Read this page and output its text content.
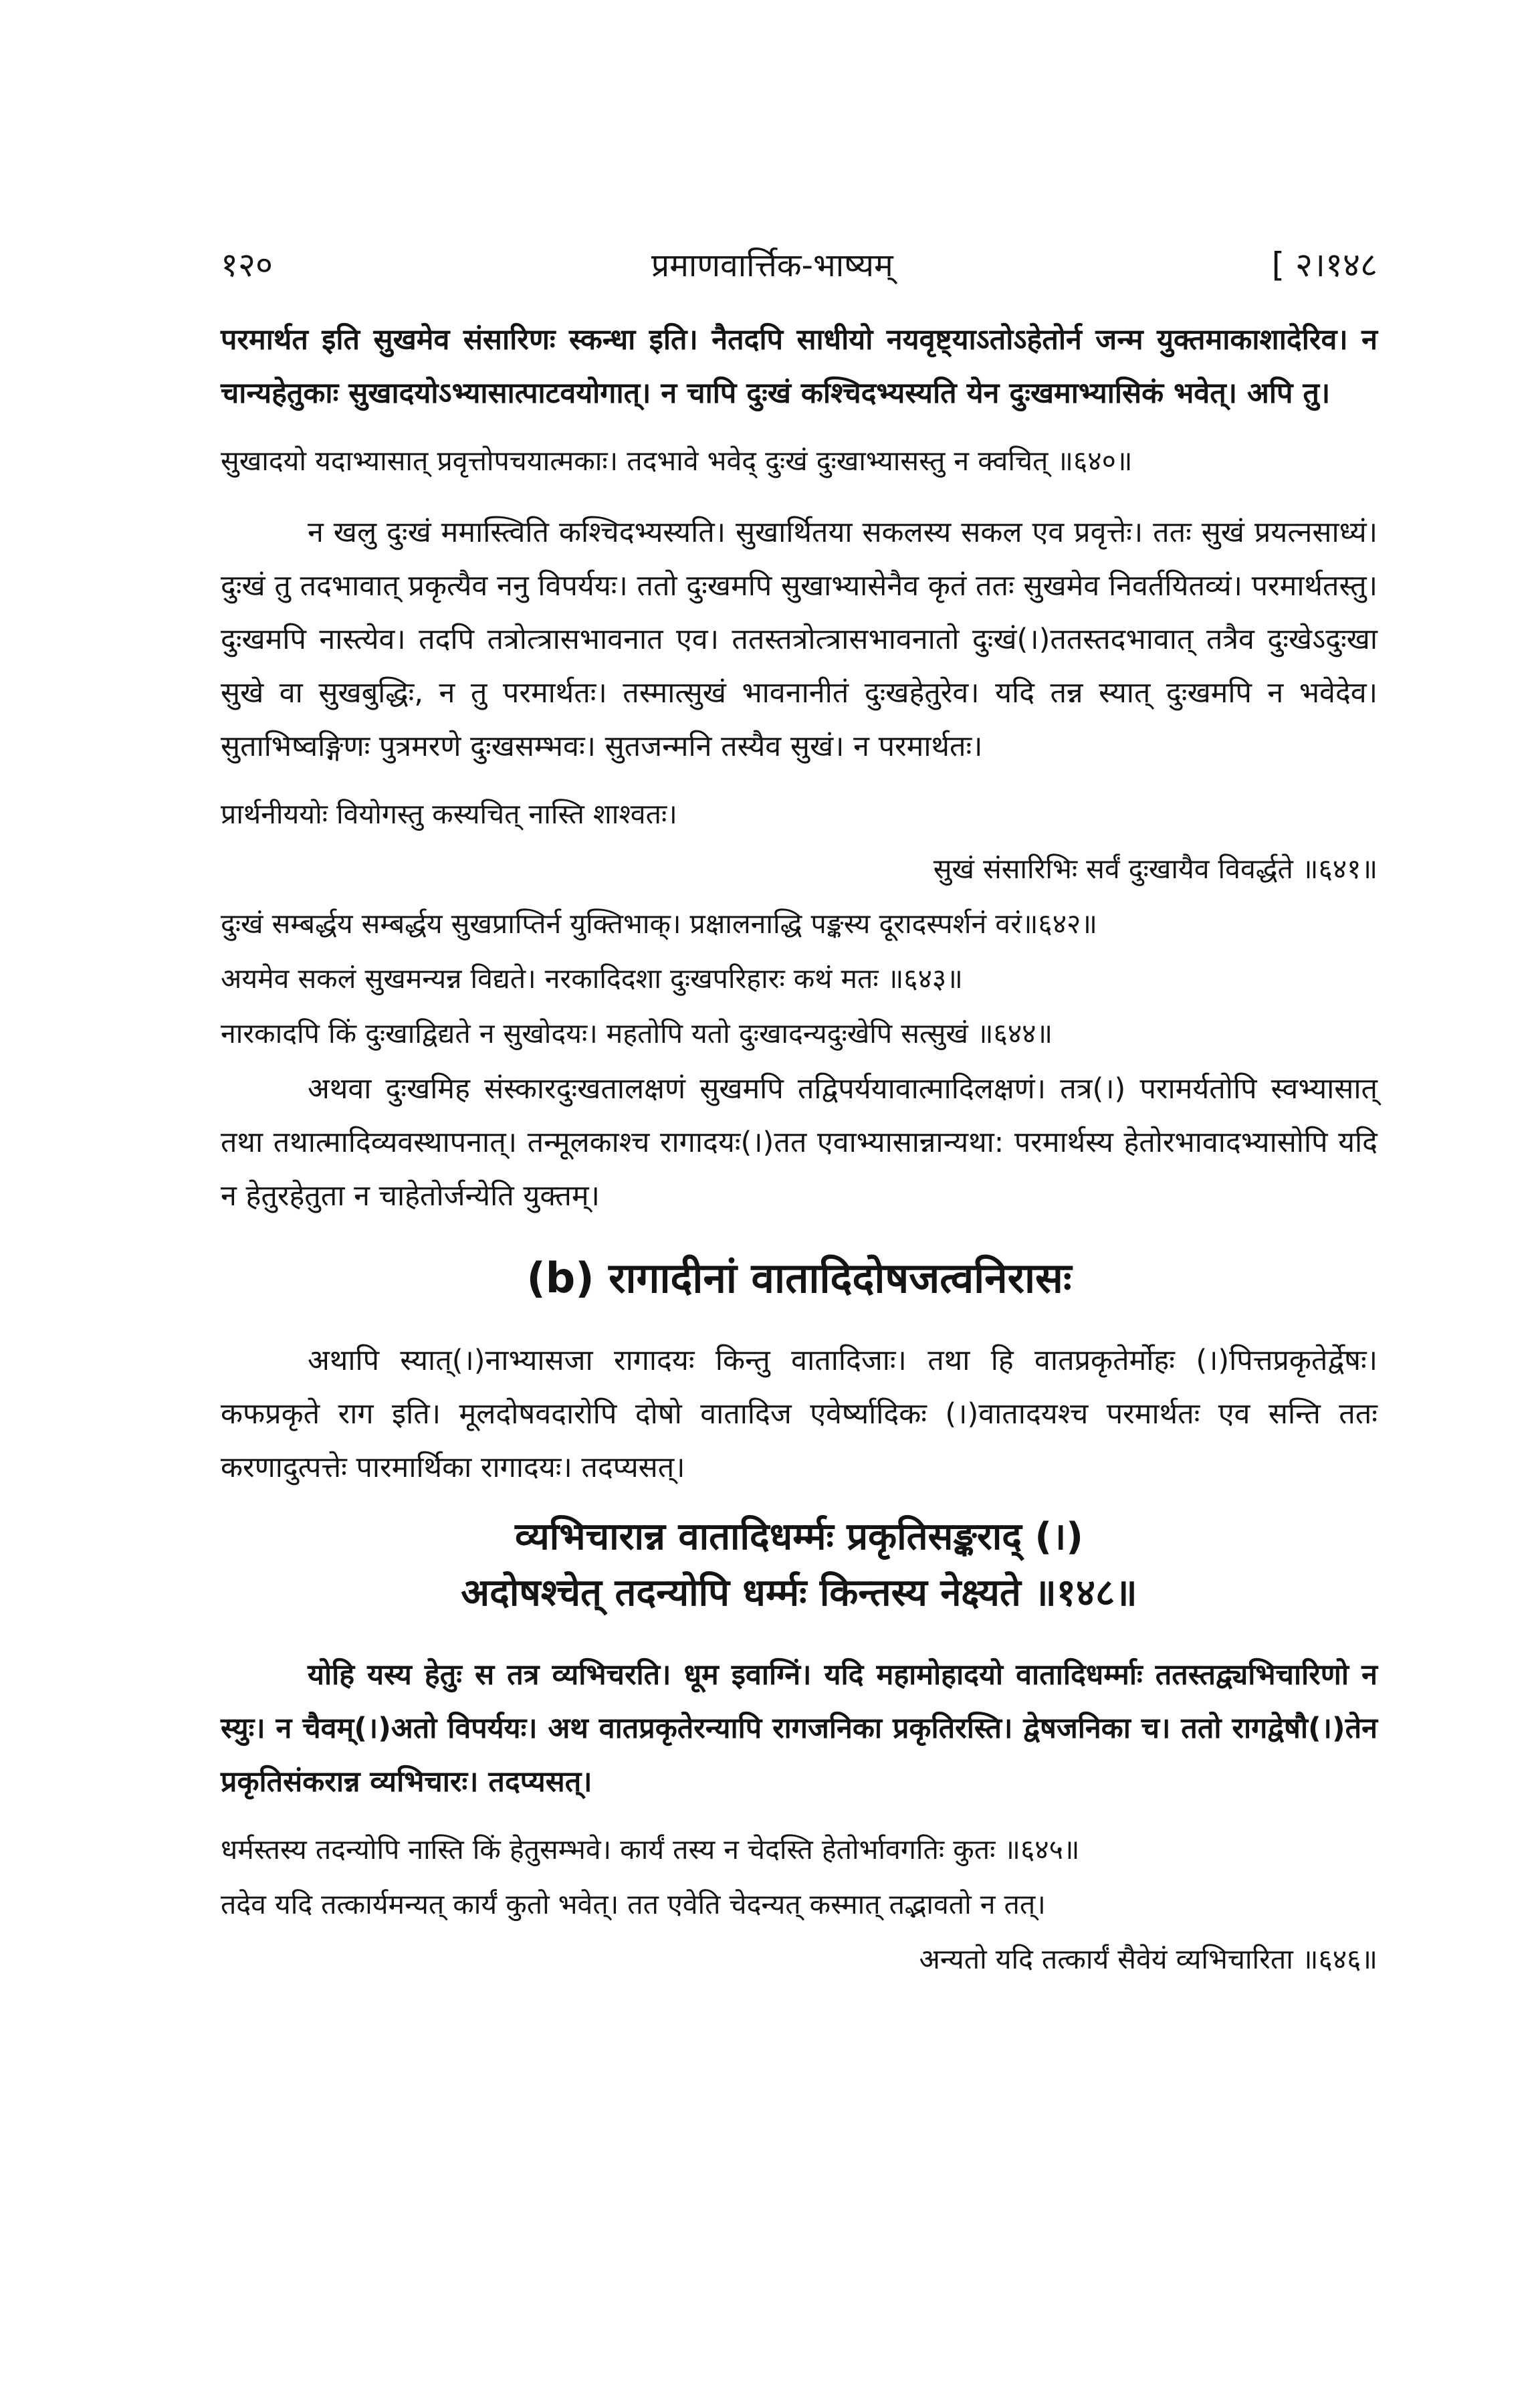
१२०	प्रमाणवार्त्तिक-भाष्यम्	[ २।१४८

परमार्थत इति सुखमेव संसारिणः स्कन्धा इति। नैतदपि साधीयो नयवृष्ट्याऽतोऽहेतोर्न जन्म युक्तमाकाशादेरिव। न चान्यहेतुकाः सुखादयोऽभ्यासात्पाटवयोगात्। न चापि दुःखं कश्चिदभ्यस्यति येन दुःखमाभ्यासिकं भवेत्। अपि तु।

सुखादयो यदाभ्यासात् प्रवृत्तोपचयात्मकाः। तदभावे भवेद् दुःखं दुःखाभ्यासस्तु न क्वचित् ॥६४०॥

न खलु दुःखं ममास्त्विति कश्चिदभ्यस्यति। सुखार्थितया सकलस्य सकल एव प्रवृत्तेः। ततः सुखं प्रयत्नसाध्यं। दुःखं तु तदभावात् प्रकृत्यैव ननु विपर्ययः। ततो दुःखमपि सुखाभ्यासेनैव कृतं ततः सुखमेव निवर्तयितव्यं। परमार्थतस्तु। दुःखमपि नास्त्येव। तदपि तत्रोत्त्रासभावनात एव। ततस्तत्रोत्त्रासभावनातो दुःखं(।)ततस्तदभावात् तत्रैव दुःखेऽदुःखा सुखे वा सुखबुद्धिः, न तु परमार्थतः। तस्मात्सुखं भावनानीतं दुःखहेतुरेव। यदि तन्न स्यात् दुःखमपि न भवेदेव। सुताभिष्वङ्गिणः पुत्रमरणे दुःखसम्भवः। सुतजन्मनि तस्यैव सुखं। न परमार्थतः।

प्रार्थनीययोः वियोगस्तु कस्यचित् नास्ति शाश्वतः।

सुखं संसारिभिः सर्वं दुःखायैव विवर्द्धते ॥६४१॥

दुःखं सम्बर्द्धय सम्बर्द्धय सुखप्राप्तिर्न युक्तिभाक्। प्रक्षालनाद्धि पङ्कस्य दूरादस्पर्शनं वरं॥६४२॥

अयमेव सकलं सुखमन्यन्न विद्यते। नरकादिदशा दुःखपरिहारः कथं मतः ॥६४३॥

नारकादपि किं दुःखाद्विद्यते न सुखोदयः। महतोपि यतो दुःखादन्यदुःखेपि सत्सुखं ॥६४४॥

अथवा दुःखमिह संस्कारदुःखतालक्षणं सुखमपि तद्विपर्ययावात्मादिलक्षणं। तत्र(।) परामर्यतोपि स्वभ्यासात् तथा तथात्मादिव्यवस्थापनात्। तन्मूलकाश्च रागादयः(।)तत एवाभ्यासान्नान्यथा: परमार्थस्य हेतोरभावादभ्यासोपि यदि न हेतुरहेतुता न चाहेतोर्जन्येति युक्तम्।

(b) रागादीनां वातादिदोषजत्वनिरासः

अथापि स्यात्(।)नाभ्यासजा रागादयः किन्तु वातादिजाः। तथा हि वातप्रकृतेर्मोहः (।)पित्तप्रकृतेर्द्वेषः। कफप्रकृते राग इति। मूलदोषवदारोपि दोषो वातादिज एवेर्ष्यादिकः (।)वातादयश्च परमार्थतः एव सन्ति ततः करणादुत्पत्तेः पारमार्थिका रागादयः। तदप्यसत्।

व्यभिचारान्न वातादिधर्म्मः प्रकृतिसङ्कराद् (।)
अदोषश्चेत् तदन्योपि धर्म्मः किन्तस्य नेक्ष्यते ॥१४८॥

योहि यस्य हेतुः स तत्र व्यभिचरति। धूम इवाग्निं। यदि महामोहादयो वातादिधर्म्माः ततस्तद्व्यभिचारिणो न स्युः। न चैवम्(।)अतो विपर्ययः। अथ वातप्रकृतेरन्यापि रागजनिका प्रकृतिरस्ति। द्वेषजनिका च। ततो रागद्वेषौ(।)तेन प्रकृतिसंकरान्न व्यभिचारः। तदप्यसत्।

धर्मस्तस्य तदन्योपि नास्ति किं हेतुसम्भवे। कार्यं तस्य न चेदस्ति हेतोर्भावगतिः कुतः ॥६४५॥

तदेव यदि तत्कार्यमन्यत् कार्यं कुतो भवेत्। तत एवेति चेदन्यत् कस्मात् तद्भावतो न तत्।

अन्यतो यदि तत्कार्यं सैवेयं व्यभिचारिता ॥६४६॥
